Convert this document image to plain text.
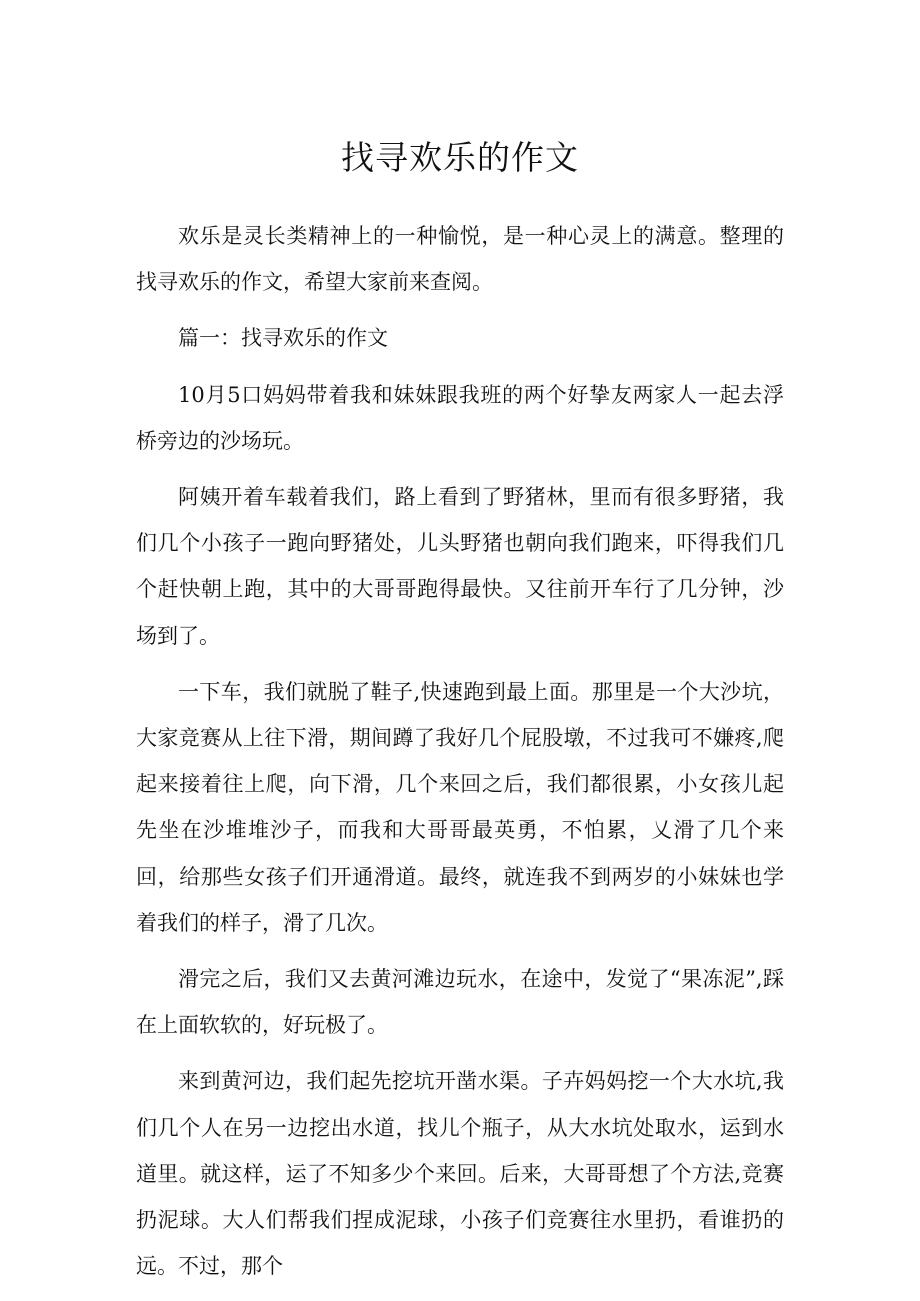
找寻欢乐的作文

欢乐是灵长类精神上的一种愉悦，是一种心灵上的满意。整理的找寻欢乐的作文，希望大家前来查阅。

篇一：找寻欢乐的作文

10月5口妈妈带着我和妹妹跟我班的两个好挚友两家人一起去浮桥旁边的沙场玩。

阿姨开着车载着我们，路上看到了野猪林，里而有很多野猪，我们几个小孩子一跑向野猪处，儿头野猪也朝向我们跑来，吓得我们几个赶快朝上跑，其中的大哥哥跑得最快。又往前开车行了几分钟，沙场到了。

一下车，我们就脱了鞋子,快速跑到最上面。那里是一个大沙坑，大家竞赛从上往下滑，期间蹲了我好几个屁股墩，不过我可不嫌疼,爬起来接着往上爬，向下滑，几个来回之后，我们都很累，小女孩儿起先坐在沙堆堆沙子，而我和大哥哥最英勇，不怕累，乂滑了几个来回，给那些女孩子们开通滑道。最终，就连我不到两岁的小妹妹也学着我们的样子，滑了几次。

滑完之后，我们又去黄河滩边玩水，在途中，发觉了“果冻泥”,踩在上面软软的，好玩极了。

来到黄河边，我们起先挖坑开凿水渠。子卉妈妈挖一个大水坑,我们几个人在另一边挖出水道，找儿个瓶子，从大水坑处取水，运到水道里。就这样，运了不知多少个来回。后来，大哥哥想了个方法,竞赛扔泥球。大人们帮我们捏成泥球，小孩子们竞赛往水里扔，看谁扔的远。不过，那个
